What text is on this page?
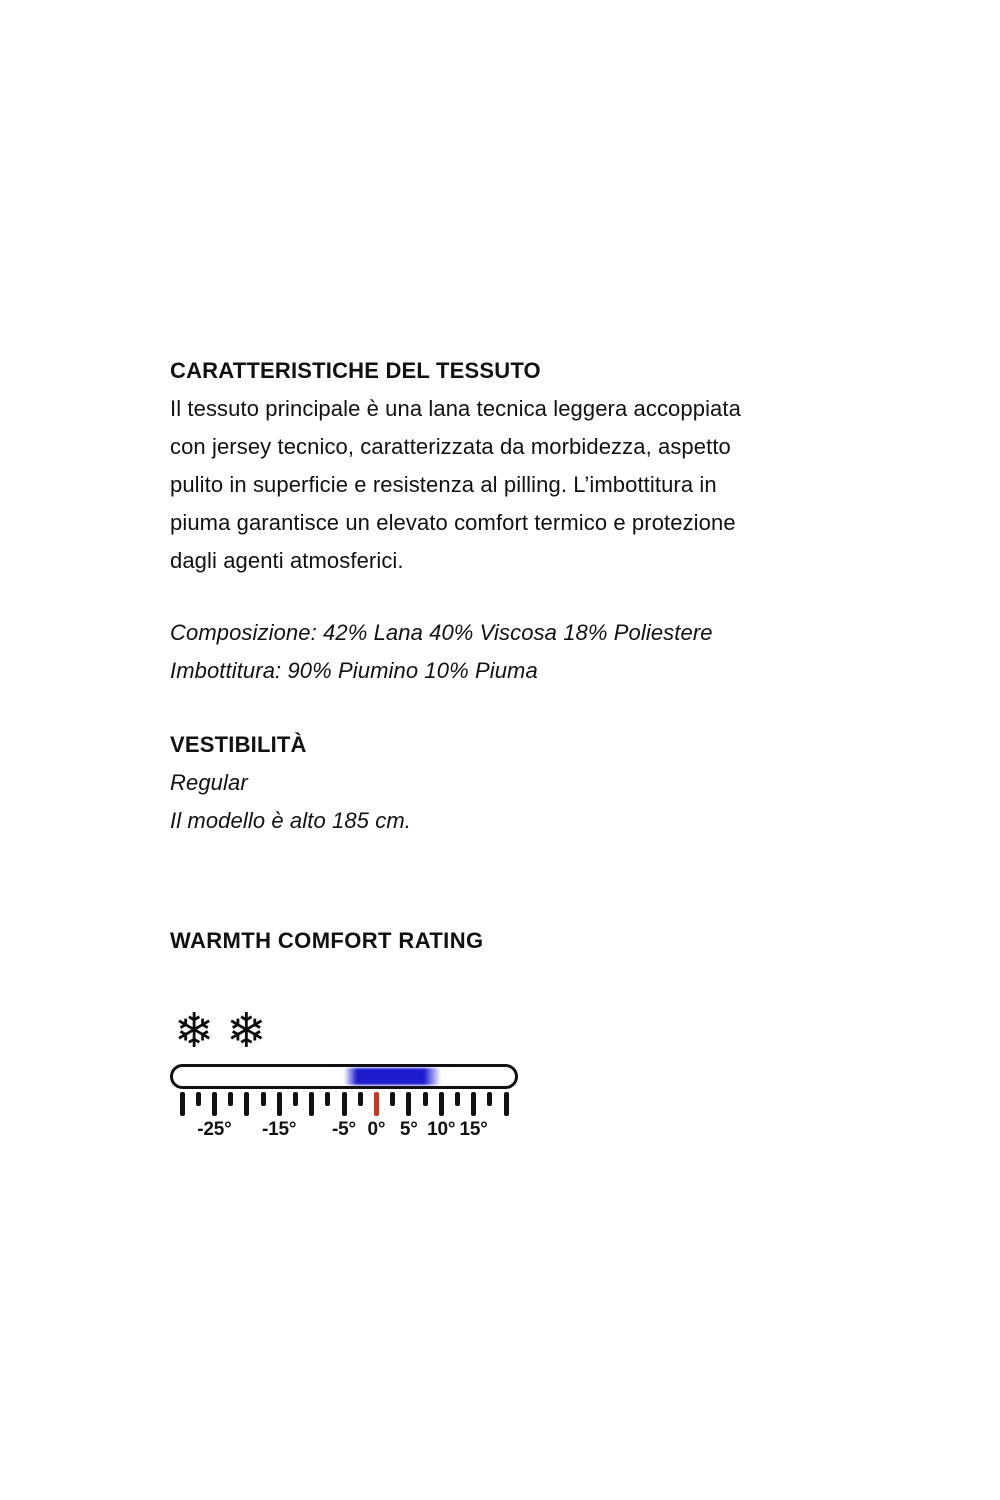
CARATTERISTICHE DEL TESSUTO
Il tessuto principale è una lana tecnica leggera accoppiata
con jersey tecnico, caratterizzata da morbidezza, aspetto
pulito in superficie e resistenza al pilling. L’imbottitura in
piuma garantisce un elevato comfort termico e protezione
dagli agenti atmosferici.
Composizione: 42% Lana 40% Viscosa 18% Poliestere
Imbottitura: 90% Piumino 10% Piuma
VESTIBILITÀ
Regular
Il modello è alto 185 cm.
WARMTH COMFORT RATING
❄ ❄
-25° -15° -5° 0° 5° 10° 15°
